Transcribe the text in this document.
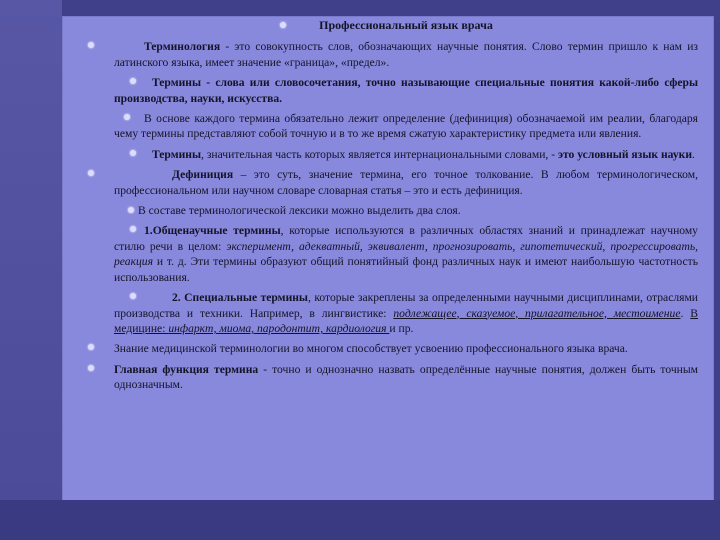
Профессиональный язык врача
Терминология - это совокупность слов, обозначающих научные понятия. Слово термин пришло к нам из латинского языка, имеет значение «граница», «предел».
Термины - слова или словосочетания, точно называющие специальные понятия какой-либо сферы производства, науки, искусства.
В основе каждого термина обязательно лежит определение (дефиниция) обозначаемой им реалии, благодаря чему термины представляют собой точную и в то же время сжатую характеристику предмета или явления.
Термины, значительная часть которых является интернациональными словами, - это условный язык науки.
Дефиниция – это суть, значение термина, его точное толкование. В любом терминологическом, профессиональном или научном словаре словарная статья – это и есть дефиниция.
В составе терминологической лексики можно выделить два слоя.
1.Общенаучные термины, которые используются в различных областях знаний и принадлежат научному стилю речи в целом: эксперимент, адекватный, эквивалент, прогнозировать, гипотетический, прогрессировать, реакция и т. д. Эти термины образуют общий понятийный фонд различных наук и имеют наибольшую частотность использования.
2. Специальные термины, которые закреплены за определенными научными дисциплинами, отраслями производства и техники. Например, в лингвистике: подлежащее, сказуемое, прилагательное, местоимение. В медицине: инфаркт, миома, пародонтит, кардиология и пр.
Знание медицинской терминологии во многом способствует усвоению профессионального языка врача.
Главная функция термина - точно и однозначно назвать определённые научные понятия, должен быть точным однозначным.
